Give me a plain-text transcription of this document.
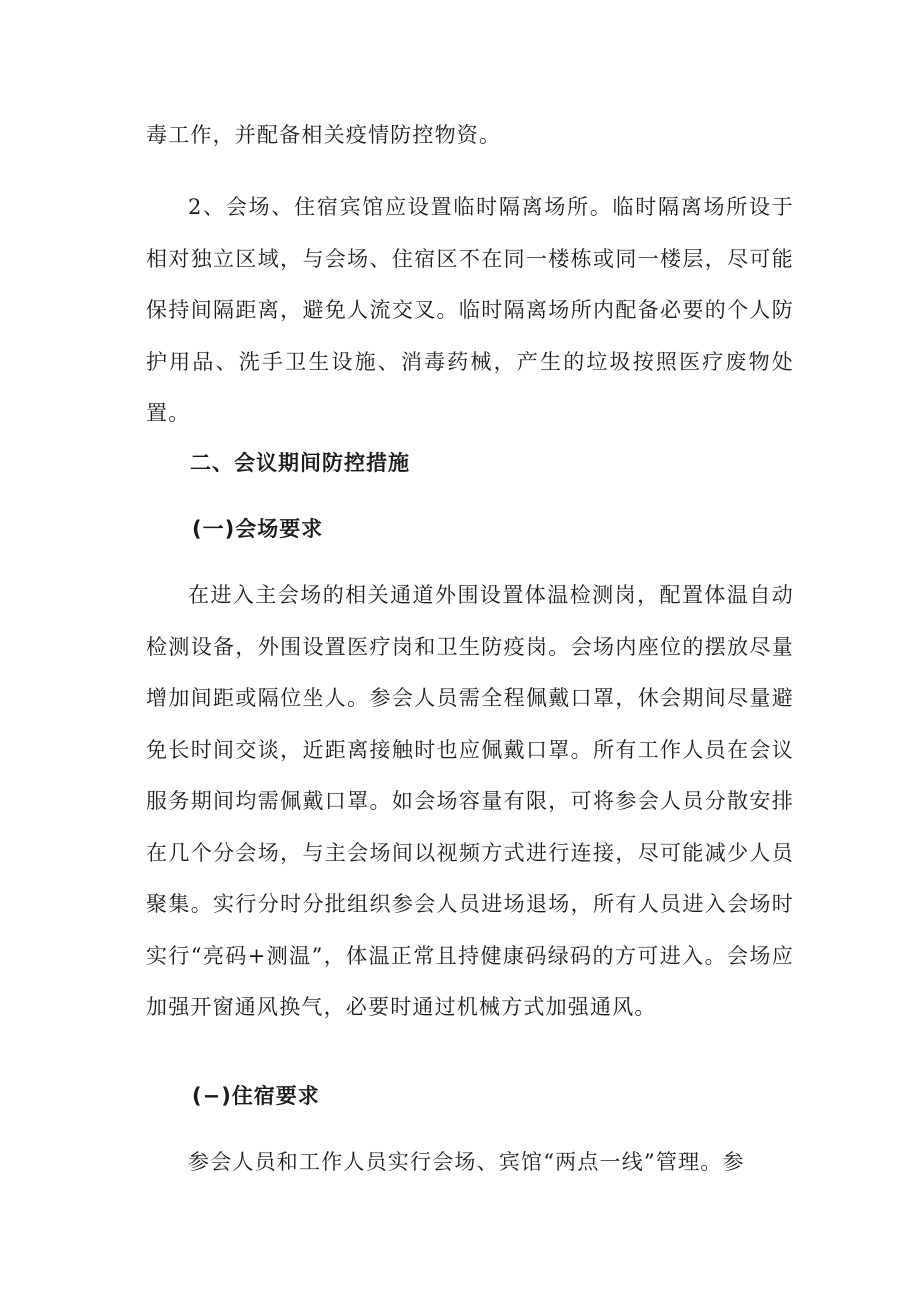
毒工作，并配备相关疫情防控物资。

2、会场、住宿宾馆应设置临时隔离场所。临时隔离场所设于相对独立区域，与会场、住宿区不在同一楼栋或同一楼层，尽可能保持间隔距离，避免人流交叉。临时隔离场所内配备必要的个人防护用品、洗手卫生设施、消毒药械，产生的垃圾按照医疗废物处置。

二、会议期间防控措施
(一)会场要求

在进入主会场的相关通道外围设置体温检测岗，配置体温自动检测设备，外围设置医疗岗和卫生防疫岗。会场内座位的摆放尽量增加间距或隔位坐人。参会人员需全程佩戴口罩，休会期间尽量避免长时间交谈，近距离接触时也应佩戴口罩。所有工作人员在会议服务期间均需佩戴口罩。如会场容量有限，可将参会人员分散安排在几个分会场，与主会场间以视频方式进行连接，尽可能减少人员聚集。实行分时分批组织参会人员进场退场，所有人员进入会场时实行“亮码+测温”，体温正常且持健康码绿码的方可进入。会场应加强开窗通风换气，必要时通过机械方式加强通风。

(−)住宿要求

参会人员和工作人员实行会场、宾馆“两点一线”管理。参
